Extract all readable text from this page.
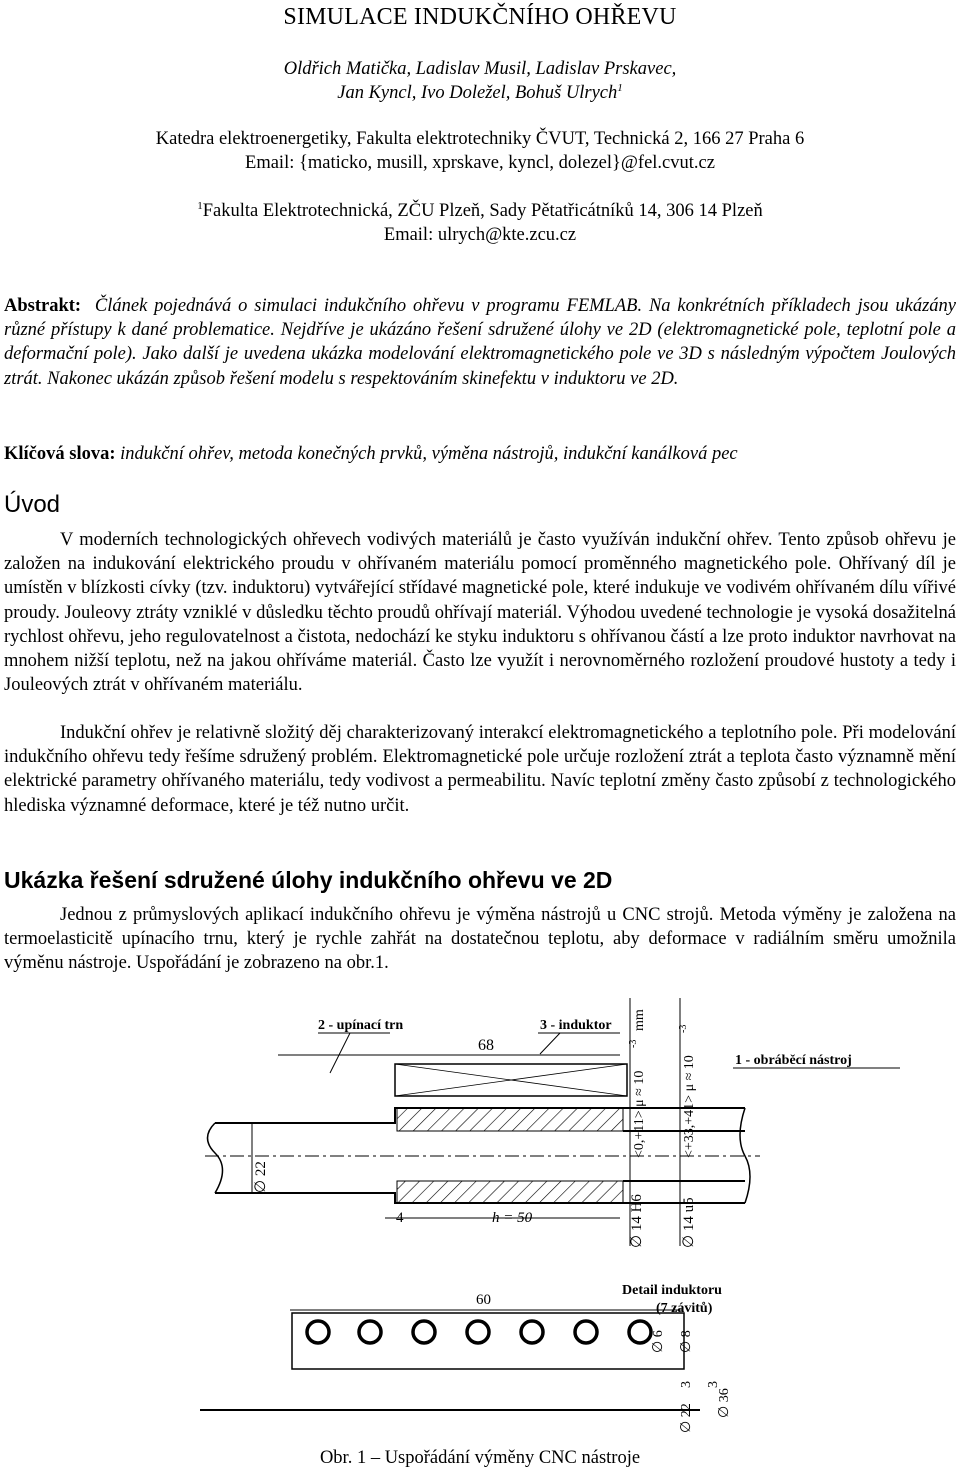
SIMULACE INDUKČNÍHO OHŘEVU
Oldřich Matička, Ladislav Musil, Ladislav Prskavec,
Jan Kyncl, Ivo Doležel, Bohuš Ulrych$^1$
Katedra elektroenergetiky, Fakulta elektrotechniky ČVUT, Technická 2, 166 27 Praha 6
Email: {maticko, musill, xprskave, kyncl, dolezel}@fel.cvut.cz
$^1$Fakulta Elektrotechnická, ZČU Plzeň, Sady Pětatřicátníků 14, 306 14 Plzeň
Email: ulrych@kte.zcu.cz
Abstrakt: Článek pojednává o simulaci indukčního ohřevu v programu FEMLAB. Na konkrétních příkladech jsou ukázány různé přístupy k dané problematice. Nejdříve je ukázáno řešení sdružené úlohy ve 2D (elektromagnetické pole, teplotní pole a deformační pole). Jako další je uvedena ukázka modelování elektromagnetického pole ve 3D s následným výpočtem Joulových ztrát. Nakonec ukázán způsob řešení modelu s respektováním skinefektu v induktoru ve 2D.
Klíčová slova: indukční ohřev, metoda konečných prvků, výměna nástrojů, indukční kanálková pec
Úvod
V moderních technologických ohřevech vodivých materiálů je často využíván indukční ohřev. Tento způsob ohřevu je založen na indukování elektrického proudu v ohřívaném materiálu pomocí proměnného magnetického pole. Ohřívaný díl je umístěn v blízkosti cívky (tzv. induktoru) vytvářející střídavé magnetické pole, které indukuje ve vodivém ohřívaném dílu vířivé proudy. Jouleovy ztráty vzniklé v důsledku těchto proudů ohřívají materiál. Výhodou uvedené technologie je vysoká dosažitelná rychlost ohřevu, jeho regulovatelnost a čistota, nedochází ke styku induktoru s ohřívanou částí a lze proto induktor navrhovat na mnohem nižší teplotu, než na jakou ohříváme materiál. Často lze využít i nerovnoměrného rozložení proudové hustoty a tedy i Jouleových ztrát v ohřívaném materiálu.
Indukční ohřev je relativně složitý děj charakterizovaný interakcí elektromagnetického a teplotního pole. Při modelování indukčního ohřevu tedy řešíme sdružený problém. Elektromagnetické pole určuje rozložení ztrát a teplota často významně mění elektrické parametry ohřívaného materiálu, tedy vodivost a permeabilitu. Navíc teplotní změny často způsobí z technologického hlediska významné deformace, které je též nutno určit.
Ukázka řešení sdružené úlohy indukčního ohřevu ve 2D
Jednou z průmyslových aplikací indukčního ohřevu je výměna nástrojů u CNC strojů. Metoda výměny je založena na termoelasticitě upínacího trnu, který je rychle zahřát na dostatečnou teplotu, aby deformace v radiálním směru umožnila výměnu nástroje. Uspořádání je zobrazeno na obr.1.
2 - upínací trn	3 - induktor
1 - obráběcí nástroj
68
∅ 22
4	h = 50	∅ 14 H6 ∅ 14 u5
<0,+11> μ ≈ 10
-3
mm
<+33,+41> μ ≈ 10
-3
Detail induktoru
(7 závitů)
60
∅ 6 ∅ 8
3 3
∅ 22
∅ 36
Obr. 1 – Uspořádání výměny CNC nástroje
